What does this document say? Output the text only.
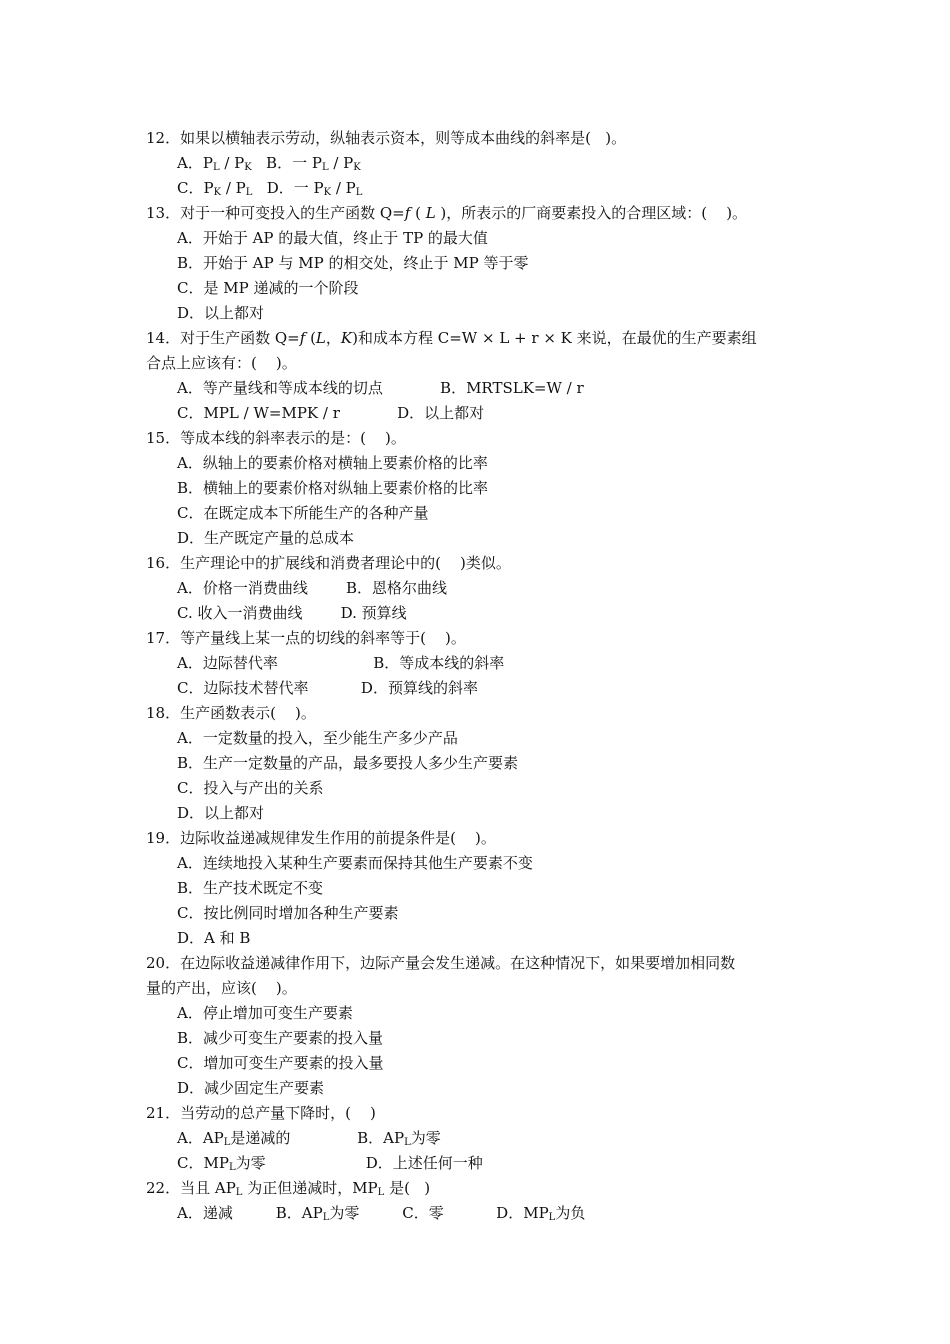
12．如果以横轴表示劳动，纵轴表示资本，则等成本曲线的斜率是(   )。
A．$P_L / P_K$   B．一 $P_L / P_K$
C．$P_K / P_L$   D．一 $P_K / P_L$
13．对于一种可变投入的生产函数 Q=f ( L )，所表示的厂商要素投入的合理区域：(    )。
A．开始于 AP 的最大值，终止于 TP 的最大值
B．开始于 AP 与 MP 的相交处，终止于 MP 等于零
C．是 MP 递减的一个阶段
D．以上都对
14．对于生产函数 Q=f (L，K)和成本方程 C=W × L + r × K 来说，在最优的生产要素组
合点上应该有：(    )。
A．等产量线和等成本线的切点            B．MRTSLK=W / r
C．MPL / W=MPK / r            D．以上都对
15．等成本线的斜率表示的是：(    )。
A．纵轴上的要素价格对横轴上要素价格的比率
B．横轴上的要素价格对纵轴上要素价格的比率
C．在既定成本下所能生产的各种产量
D．生产既定产量的总成本
16．生产理论中的扩展线和消费者理论中的(    )类似。
A．价格一消费曲线        B．恩格尔曲线
C. 收入一消费曲线        D. 预算线
17．等产量线上某一点的切线的斜率等于(    )。
A．边际替代率                    B．等成本线的斜率
C．边际技术替代率           D．预算线的斜率
18．生产函数表示(    )。
A．一定数量的投入，至少能生产多少产品
B．生产一定数量的产品，最多要投人多少生产要素
C．投入与产出的关系
D．以上都对
19．边际收益递减规律发生作用的前提条件是(    )。
A．连续地投入某种生产要素而保持其他生产要素不变
B．生产技术既定不变
C．按比例同时增加各种生产要素
D．A 和 B
20．在边际收益递减律作用下，边际产量会发生递减。在这种情况下，如果要增加相同数
量的产出，应该(    )。
A．停止增加可变生产要素
B．减少可变生产要素的投入量
C．增加可变生产要素的投入量
D．减少固定生产要素
21．当劳动的总产量下降时，(    )
A．$AP_L$是递减的              B．$AP_L$为零
C．$MP_L$为零                     D．上述任何一种
22．当且 $AP_L$ 为正但递减时，$MP_L$ 是(   )
A．递减         B．$AP_L$为零         C．零           D．$MP_L$为负
